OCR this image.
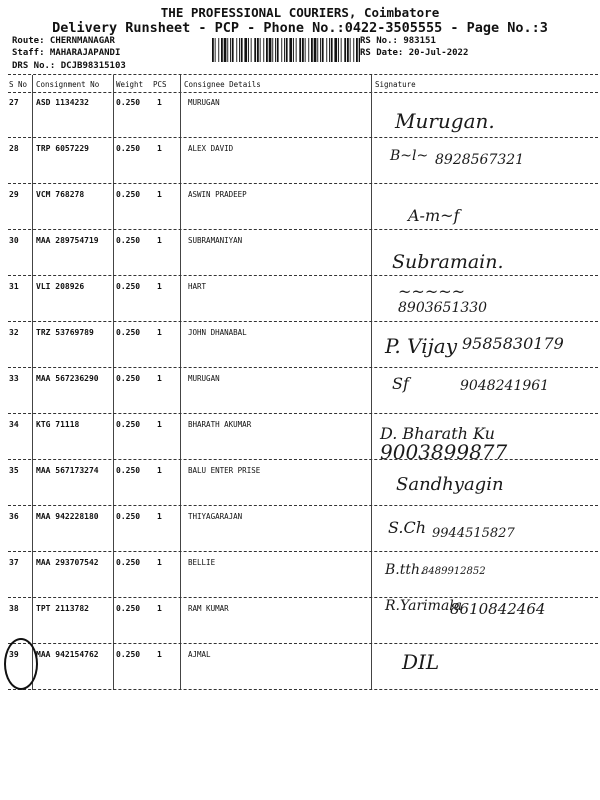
THE PROFESSIONAL COURIERS, Coimbatore
Delivery Runsheet - PCP - Phone No.:0422-3505555 - Page No.:3
Route: CHERNMANAGAR
Staff: MAHARAJAPANDI
DRS No.: DCJB98315103
RS No.: 983151
RS Date: 20-Jul-2022
S No Consignment No Weight PCS Consignee Details	Signature
27 ASD 1134232	0.250 1	MURUGAN
Murugan.
28 TRP 6057229	0.250 1	ALEX DAVID	B~l~ 8928567321
29 VCM 768278	0.250 1	ASWIN PRADEEP
A-m~f
30 MAA 289754719 0.250 1	SUBRAMANIYAN
Subramain.
31 VLI 208926	0.250 1	HART	~~~~~
8903651330
32 TRZ 53769789	0.250 1	JOHN DHANABAL
P. Vijay 9585830179
33 MAA 567236290 0.250 1	MURUGAN	Sf	9048241961
34 KTG 71118	0.250 1	BHARATH AKUMAR	D. Bharath Ku
9003899877
35 MAA 567173274 0.250 1	BALU ENTER PRISE
Sandhyagin
36 MAA 942228180 0.250 1	THIYAGARAJAN
S.Ch 9944515827
37 MAA 293707542 0.250 1	BELLIE	B.tth.
8489912852
38 TPT 2113782	0.250 1	RAM KUMAR	R.Yarimala
8610842464
39 MAA 942154762 0.250 1	AJMAL	DIL
